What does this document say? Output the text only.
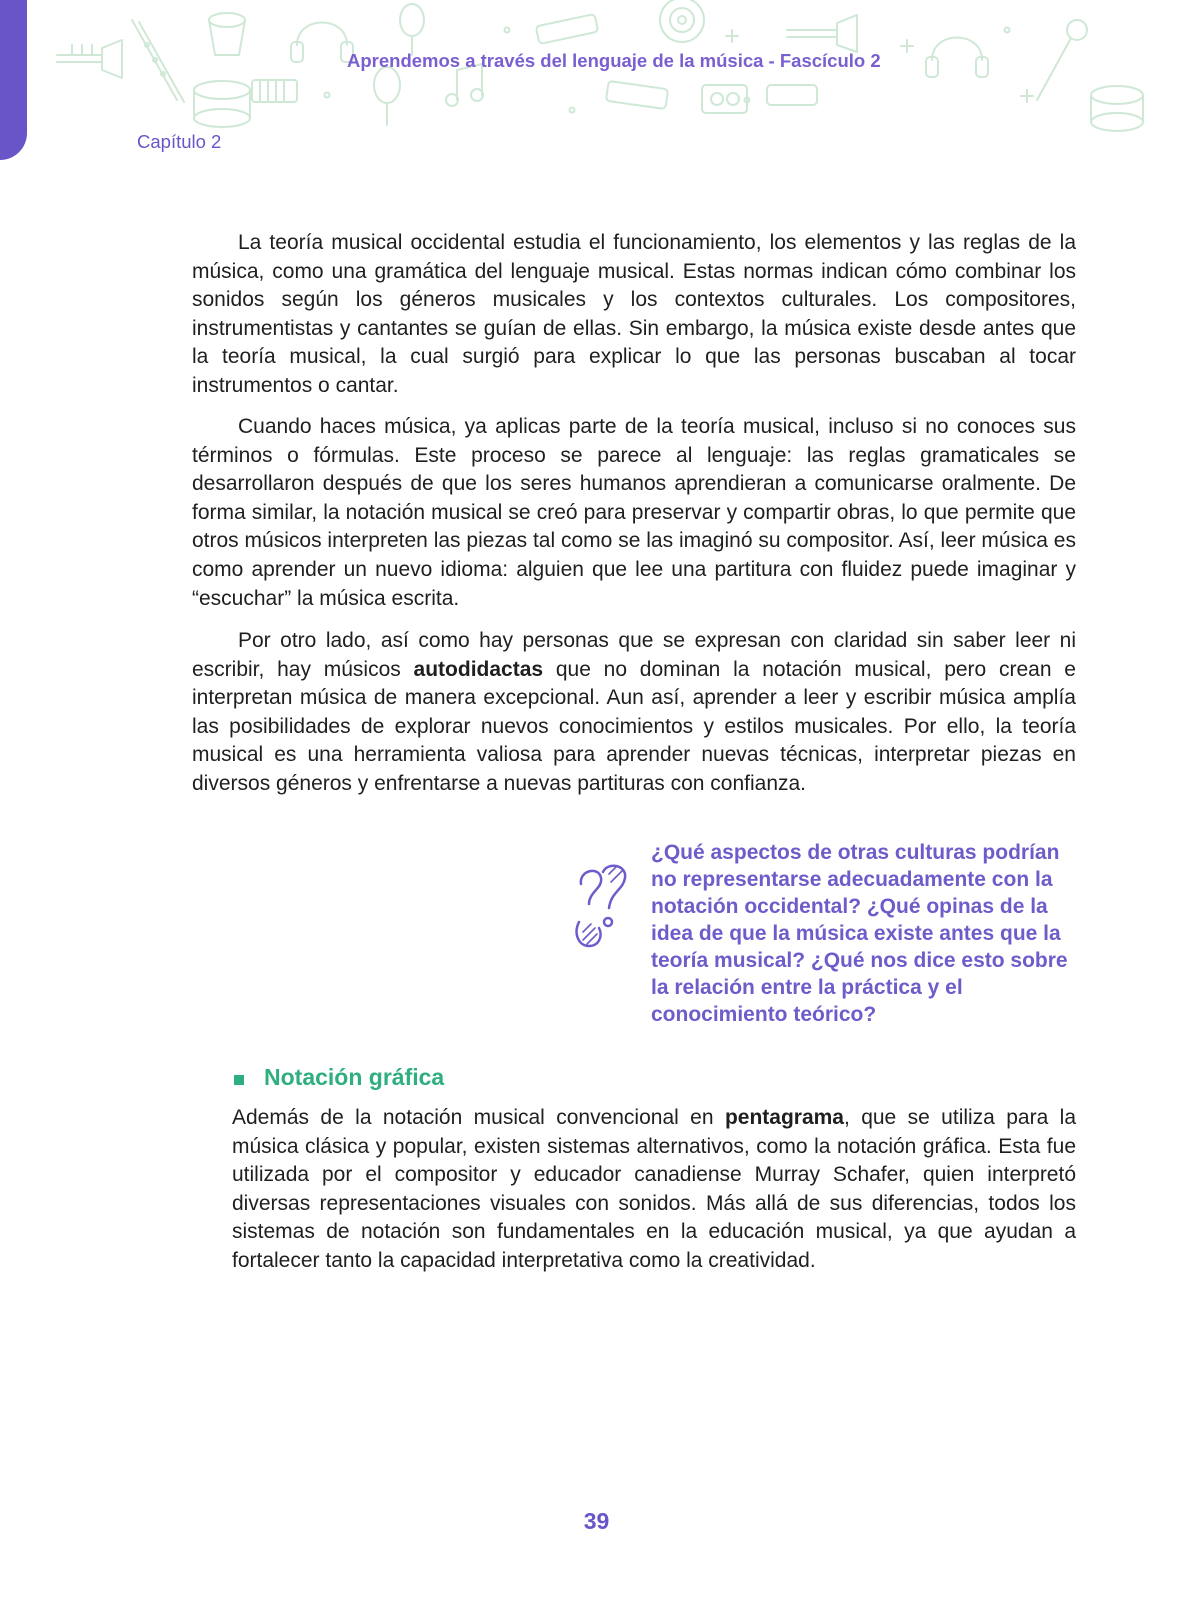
Aprendemos a través del lenguaje de la música - Fascículo 2
Capítulo 2

La teoría musical occidental estudia el funcionamiento, los elementos y las reglas de la música, como una gramática del lenguaje musical. Estas normas indican cómo combinar los sonidos según los géneros musicales y los contextos culturales. Los compositores, instrumentistas y cantantes se guían de ellas. Sin embargo, la música existe desde antes que la teoría musical, la cual surgió para explicar lo que las personas buscaban al tocar instrumentos o cantar.

Cuando haces música, ya aplicas parte de la teoría musical, incluso si no conoces sus términos o fórmulas. Este proceso se parece al lenguaje: las reglas gramaticales se desarrollaron después de que los seres humanos aprendieran a comunicarse oralmente. De forma similar, la notación musical se creó para preservar y compartir obras, lo que permite que otros músicos interpreten las piezas tal como se las imaginó su compositor. Así, leer música es como aprender un nuevo idioma: alguien que lee una partitura con fluidez puede imaginar y “escuchar” la música escrita.

Por otro lado, así como hay personas que se expresan con claridad sin saber leer ni escribir, hay músicos autodidactas que no dominan la notación musical, pero crean e interpretan música de manera excepcional. Aun así, aprender a leer y escribir música amplía las posibilidades de explorar nuevos conocimientos y estilos musicales. Por ello, la teoría musical es una herramienta valiosa para aprender nuevas técnicas, interpretar piezas en diversos géneros y enfrentarse a nuevas partituras con confianza.

¿Qué aspectos de otras culturas podrían no representarse adecuadamente con la notación occidental? ¿Qué opinas de la idea de que la música existe antes que la teoría musical? ¿Qué nos dice esto sobre la relación entre la práctica y el conocimiento teórico?

Notación gráfica

Además de la notación musical convencional en pentagrama, que se utiliza para la música clásica y popular, existen sistemas alternativos, como la notación gráfica. Esta fue utilizada por el compositor y educador canadiense Murray Schafer, quien interpretó diversas representaciones visuales con sonidos. Más allá de sus diferencias, todos los sistemas de notación son fundamentales en la educación musical, ya que ayudan a fortalecer tanto la capacidad interpretativa como la creatividad.

39
